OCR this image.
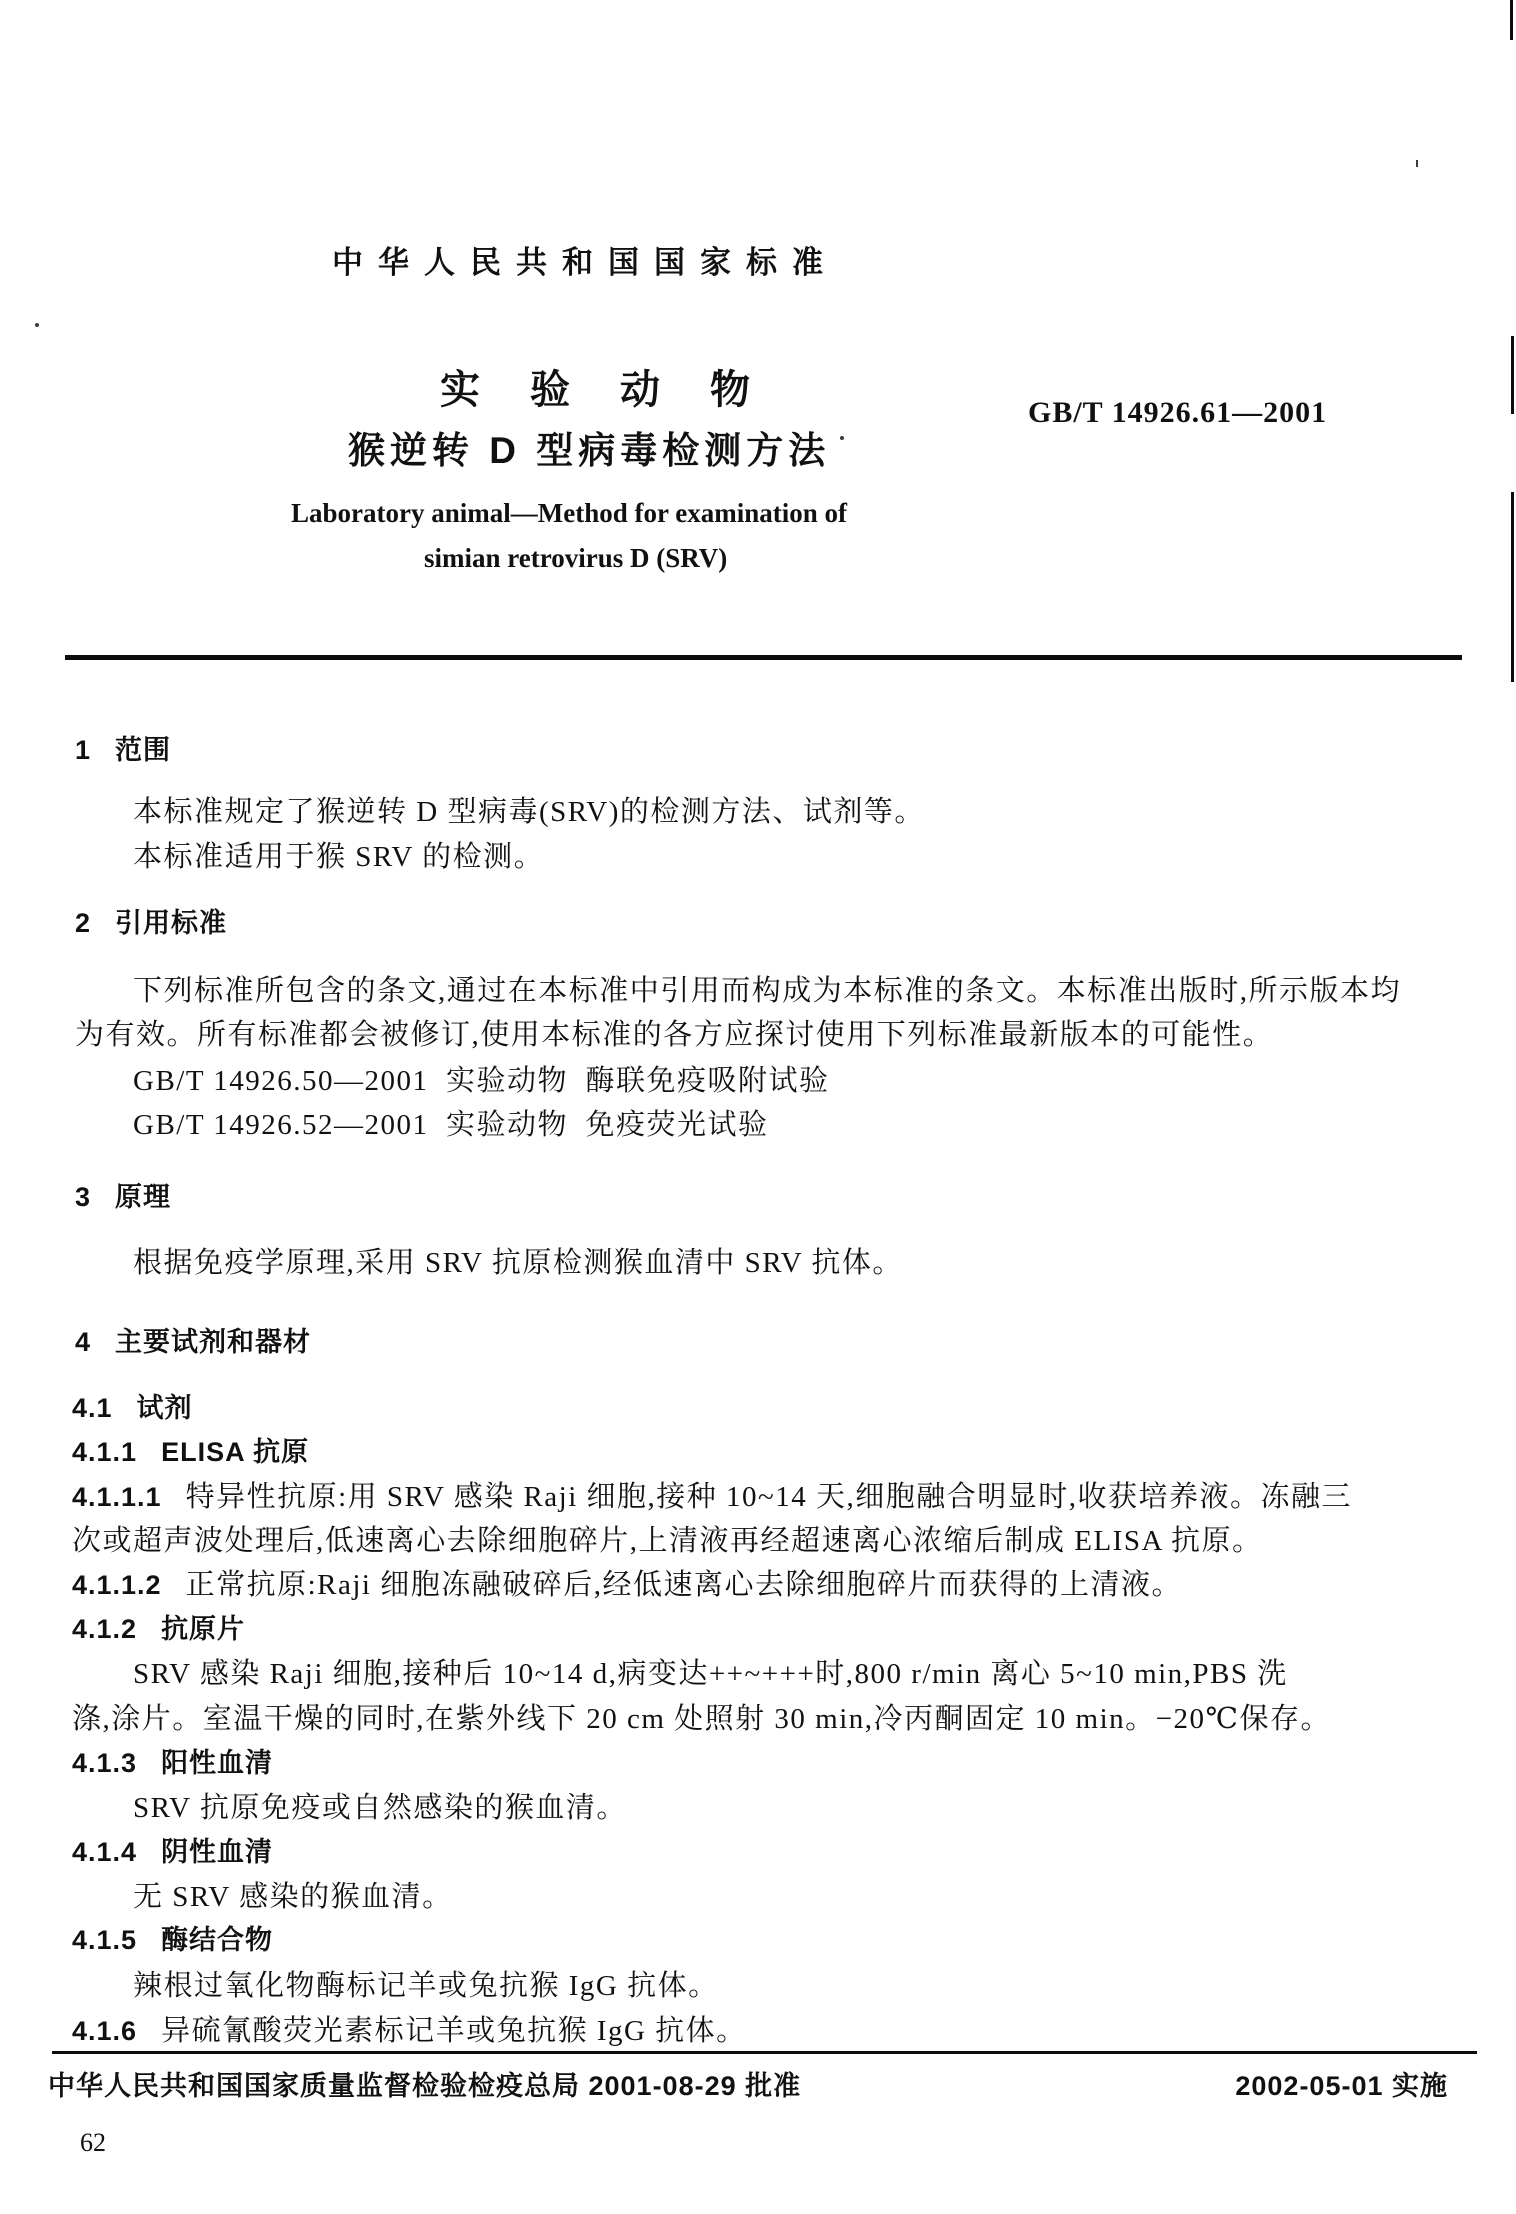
中华人民共和国国家标准
实验动物
猴逆转 D 型病毒检测方法
GB/T 14926.61—2001
Laboratory animal—Method for examination of
simian retrovirus D (SRV)
1 范围
本标准规定了猴逆转 D 型病毒(SRV)的检测方法、试剂等。
本标准适用于猴 SRV 的检测。
2 引用标准
下列标准所包含的条文,通过在本标准中引用而构成为本标准的条文。本标准出版时,所示版本均
为有效。所有标准都会被修订,使用本标准的各方应探讨使用下列标准最新版本的可能性。
GB/T 14926.50—2001  实验动物  酶联免疫吸附试验
GB/T 14926.52—2001  实验动物  免疫荧光试验
3 原理
根据免疫学原理,采用 SRV 抗原检测猴血清中 SRV 抗体。
4 主要试剂和器材
4.1 试剂
4.1.1 ELISA 抗原
4.1.1.1 特异性抗原:用 SRV 感染 Raji 细胞,接种 10~14 天,细胞融合明显时,收获培养液。冻融三
次或超声波处理后,低速离心去除细胞碎片,上清液再经超速离心浓缩后制成 ELISA 抗原。
4.1.1.2 正常抗原:Raji 细胞冻融破碎后,经低速离心去除细胞碎片而获得的上清液。
4.1.2 抗原片
SRV 感染 Raji 细胞,接种后 10~14 d,病变达++~+++时,800 r/min 离心 5~10 min,PBS 洗
涤,涂片。室温干燥的同时,在紫外线下 20 cm 处照射 30 min,冷丙酮固定 10 min。−20℃保存。
4.1.3 阳性血清
SRV 抗原免疫或自然感染的猴血清。
4.1.4 阴性血清
无 SRV 感染的猴血清。
4.1.5 酶结合物
辣根过氧化物酶标记羊或兔抗猴 IgG 抗体。
4.1.6 异硫氰酸荧光素标记羊或兔抗猴 IgG 抗体。
中华人民共和国国家质量监督检验检疫总局 2001-08-29 批准	2002-05-01 实施
62
